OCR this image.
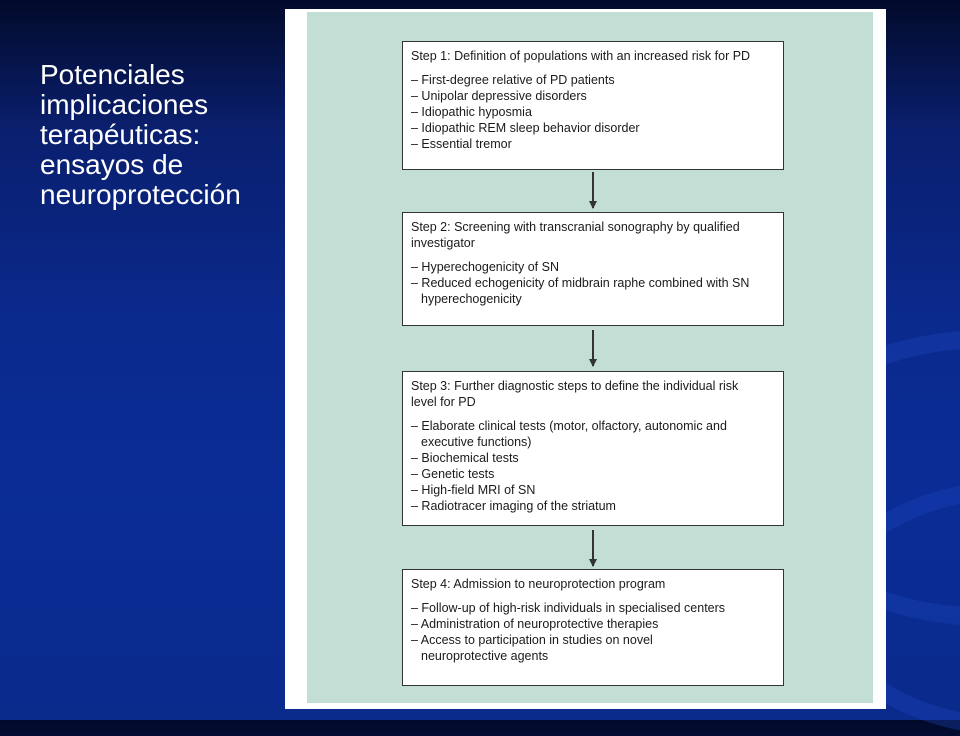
Potenciales
implicaciones
terapéuticas:
ensayos de
neuroprotección
Step 1: Definition of populations with an increased risk for PD
– First-degree relative of PD patients
– Unipolar depressive disorders
– Idiopathic hyposmia
– Idiopathic REM sleep behavior disorder
– Essential tremor
Step 2: Screening with transcranial sonography by qualified
investigator
– Hyperechogenicity of SN
– Reduced echogenicity of midbrain raphe combined with SN
hyperechogenicity
Step 3: Further diagnostic steps to define the individual risk
level for PD
– Elaborate clinical tests (motor, olfactory, autonomic and
executive functions)
– Biochemical tests
– Genetic tests
– High-field MRI of SN
– Radiotracer imaging of the striatum
Step 4: Admission to neuroprotection program
– Follow-up of high-risk individuals in specialised centers
– Administration of neuroprotective therapies
– Access to participation in studies on novel
neuroprotective agents
